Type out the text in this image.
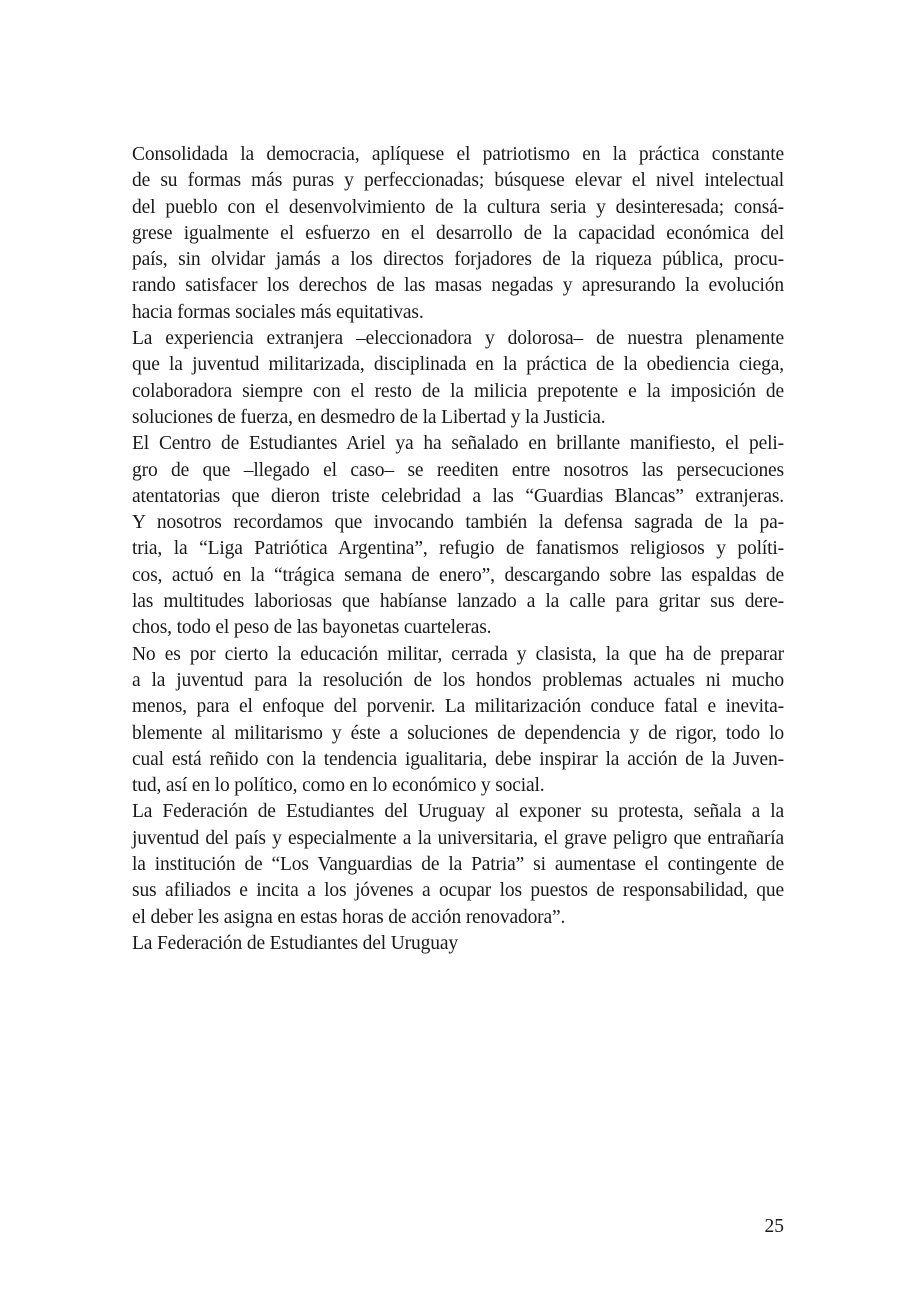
Consolidada la democracia, aplíquese el patriotismo en la práctica constante
de su formas más puras y perfeccionadas; búsquese elevar el nivel intelectual
del pueblo con el desenvolvimiento de la cultura seria y desinteresada; consá-
grese igualmente el esfuerzo en el desarrollo de la capacidad económica del
país, sin olvidar jamás a los directos forjadores de la riqueza pública, procu-
rando satisfacer los derechos de las masas negadas y apresurando la evolución
hacia formas sociales más equitativas.
La experiencia extranjera –eleccionadora y dolorosa– de nuestra plenamente
que la juventud militarizada, disciplinada en la práctica de la obediencia ciega,
colaboradora siempre con el resto de la milicia prepotente e la imposición de
soluciones de fuerza, en desmedro de la Libertad y la Justicia.
El Centro de Estudiantes Ariel ya ha señalado en brillante manifiesto, el peli-
gro de que –llegado el caso– se reediten entre nosotros las persecuciones
atentatorias que dieron triste celebridad a las “Guardias Blancas” extranjeras.
Y nosotros recordamos que invocando también la defensa sagrada de la pa-
tria, la “Liga Patriótica Argentina”, refugio de fanatismos religiosos y políti-
cos, actuó en la “trágica semana de enero”, descargando sobre las espaldas de
las multitudes laboriosas que habíanse lanzado a la calle para gritar sus dere-
chos, todo el peso de las bayonetas cuarteleras.
No es por cierto la educación militar, cerrada y clasista, la que ha de preparar
a la juventud para la resolución de los hondos problemas actuales ni mucho
menos, para el enfoque del porvenir. La militarización conduce fatal e inevita-
blemente al militarismo y éste a soluciones de dependencia y de rigor, todo lo
cual está reñido con la tendencia igualitaria, debe inspirar la acción de la Juven-
tud, así en lo político, como en lo económico y social.
La Federación de Estudiantes del Uruguay al exponer su protesta, señala a la
juventud del país y especialmente a la universitaria, el grave peligro que entrañaría
la institución de “Los Vanguardias de la Patria” si aumentase el contingente de
sus afiliados e incita a los jóvenes a ocupar los puestos de responsabilidad, que
el deber les asigna en estas horas de acción renovadora”.
La Federación de Estudiantes del Uruguay
25
